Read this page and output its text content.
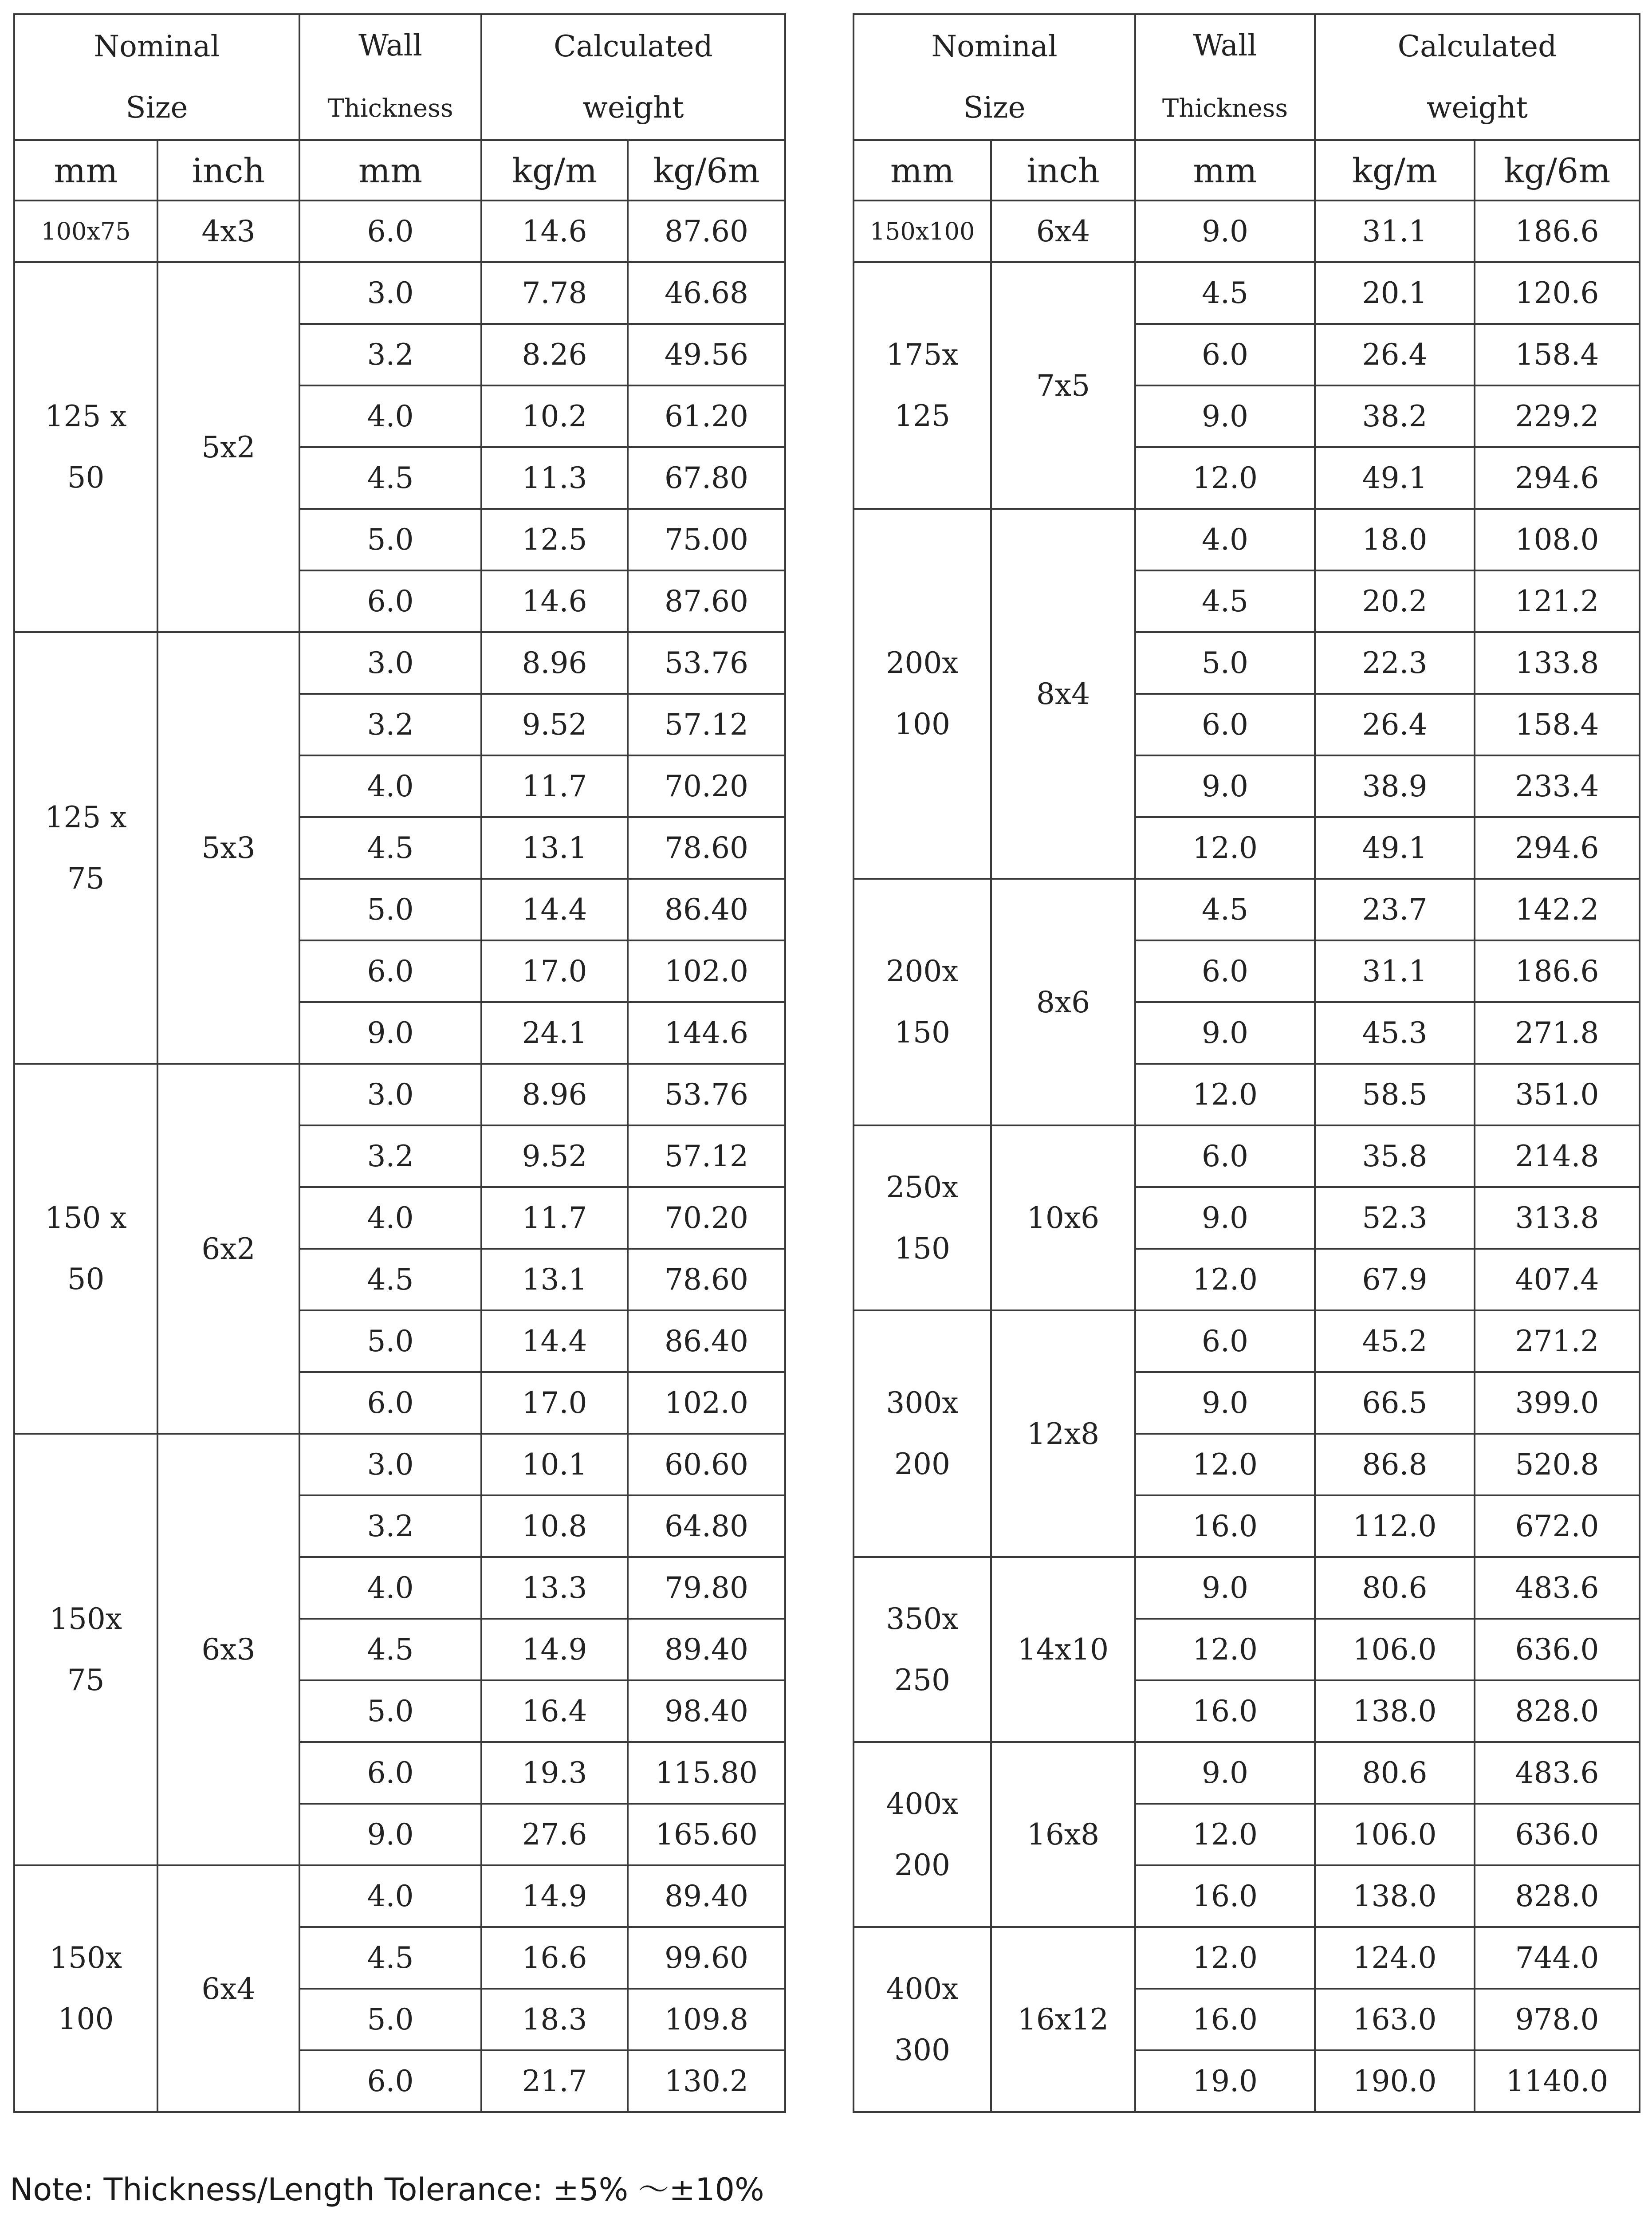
Nominal
Size		Wall
Thickness	Calculated
weight	
mm	inch	mm	kg/m	kg/6m
100x75	4x3	6.0	14.6	87.60
125 x
50	5x2	3.0	7.78	46.68
		3.2	8.26	49.56
		4.0	10.2	61.20
		4.5	11.3	67.80
		5.0	12.5	75.00
		6.0	14.6	87.60
125 x
75	5x3	3.0	8.96	53.76
		3.2	9.52	57.12
		4.0	11.7	70.20
		4.5	13.1	78.60
		5.0	14.4	86.40
		6.0	17.0	102.0
		9.0	24.1	144.6
150 x
50	6x2	3.0	8.96	53.76
		3.2	9.52	57.12
		4.0	11.7	70.20
		4.5	13.1	78.60
		5.0	14.4	86.40
		6.0	17.0	102.0
150x
75	6x3	3.0	10.1	60.60
		3.2	10.8	64.80
		4.0	13.3	79.80
		4.5	14.9	89.40
		5.0	16.4	98.40
		6.0	19.3	115.80
		9.0	27.6	165.60
150x
100	6x4	4.0	14.9	89.40
		4.5	16.6	99.60
		5.0	18.3	109.8
		6.0	21.7	130.2
Nominal
Size		Wall
Thickness	Calculated
weight	
mm	inch	mm	kg/m	kg/6m
150x100	6x4	9.0	31.1	186.6
175x
125	7x5	4.5	20.1	120.6
		6.0	26.4	158.4
		9.0	38.2	229.2
		12.0	49.1	294.6
200x
100	8x4	4.0	18.0	108.0
		4.5	20.2	121.2
		5.0	22.3	133.8
		6.0	26.4	158.4
		9.0	38.9	233.4
		12.0	49.1	294.6
200x
150	8x6	4.5	23.7	142.2
		6.0	31.1	186.6
		9.0	45.3	271.8
		12.0	58.5	351.0
250x
150	10x6	6.0	35.8	214.8
		9.0	52.3	313.8
		12.0	67.9	407.4
300x
200	12x8	6.0	45.2	271.2
		9.0	66.5	399.0
		12.0	86.8	520.8
		16.0	112.0	672.0
350x
250	14x10	9.0	80.6	483.6
		12.0	106.0	636.0
		16.0	138.0	828.0
400x
200	16x8	9.0	80.6	483.6
		12.0	106.0	636.0
		16.0	138.0	828.0
400x
300	16x12	12.0	124.0	744.0
		16.0	163.0	978.0
		19.0	190.0	1140.0
Note: Thickness/Length Tolerance: ±5% ～±10%
